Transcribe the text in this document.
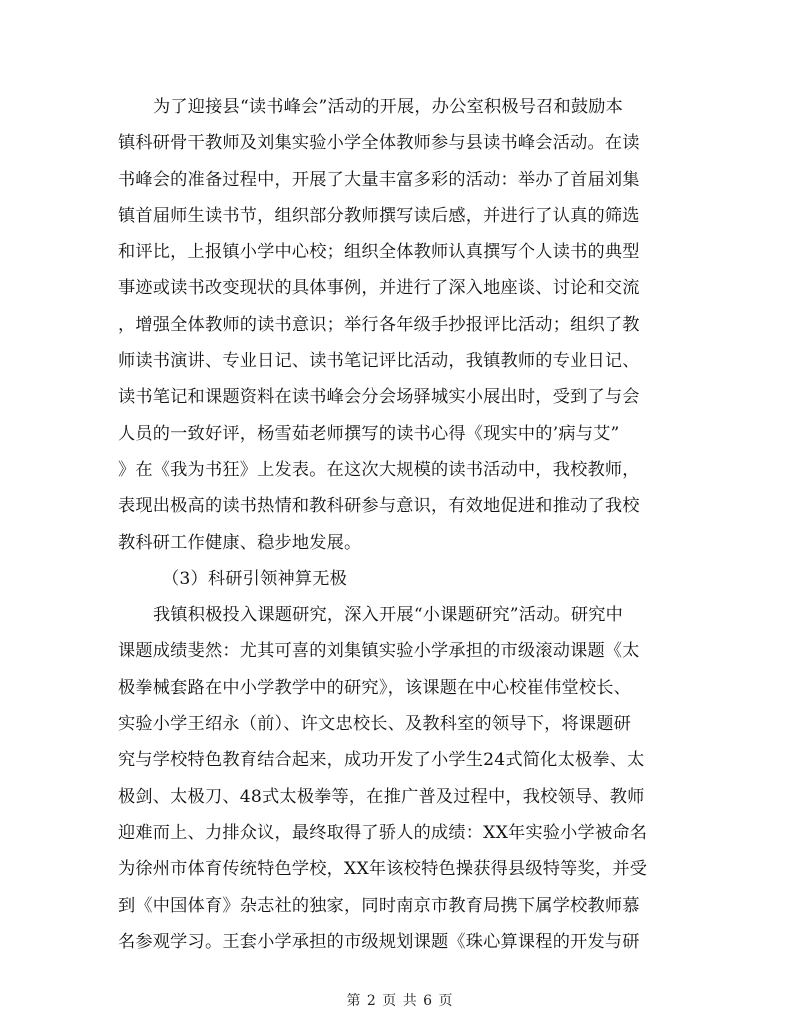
为了迎接县“读书峰会”活动的开展，办公室积极号召和鼓励本
镇科研骨干教师及刘集实验小学全体教师参与县读书峰会活动。在读
书峰会的准备过程中，开展了大量丰富多彩的活动：举办了首届刘集
镇首届师生读书节，组织部分教师撰写读后感，并进行了认真的筛选
和评比，上报镇小学中心校；组织全体教师认真撰写个人读书的典型
事迹或读书改变现状的具体事例，并进行了深入地座谈、讨论和交流
，增强全体教师的读书意识；举行各年级手抄报评比活动；组织了教
师读书演讲、专业日记、读书笔记评比活动，我镇教师的专业日记、
读书笔记和课题资料在读书峰会分会场驿城实小展出时，受到了与会
人员的一致好评，杨雪茹老师撰写的读书心得《现实中的’病与艾”
》在《我为书狂》上发表。在这次大规模的读书活动中，我校教师，
表现出极高的读书热情和教科研参与意识，有效地促进和推动了我校
教科研工作健康、稳步地发展。
（3）科研引领神算无极
我镇积极投入课题研究，深入开展“小课题研究”活动。研究中
课题成绩斐然：尤其可喜的刘集镇实验小学承担的市级滚动课题《太
极拳械套路在中小学教学中的研究》，该课题在中心校崔伟堂校长、
实验小学王绍永（前）、许文忠校长、及教科室的领导下，将课题研
究与学校特色教育结合起来，成功开发了小学生24式简化太极拳、太
极剑、太极刀、48式太极拳等，在推广普及过程中，我校领导、教师
迎难而上、力排众议，最终取得了骄人的成绩：XX年实验小学被命名
为徐州市体育传统特色学校，XX年该校特色操获得县级特等奖，并受
到《中国体育》杂志社的独家，同时南京市教育局携下属学校教师慕
名参观学习。王套小学承担的市级规划课题《珠心算课程的开发与研
第 2 页 共 6 页
